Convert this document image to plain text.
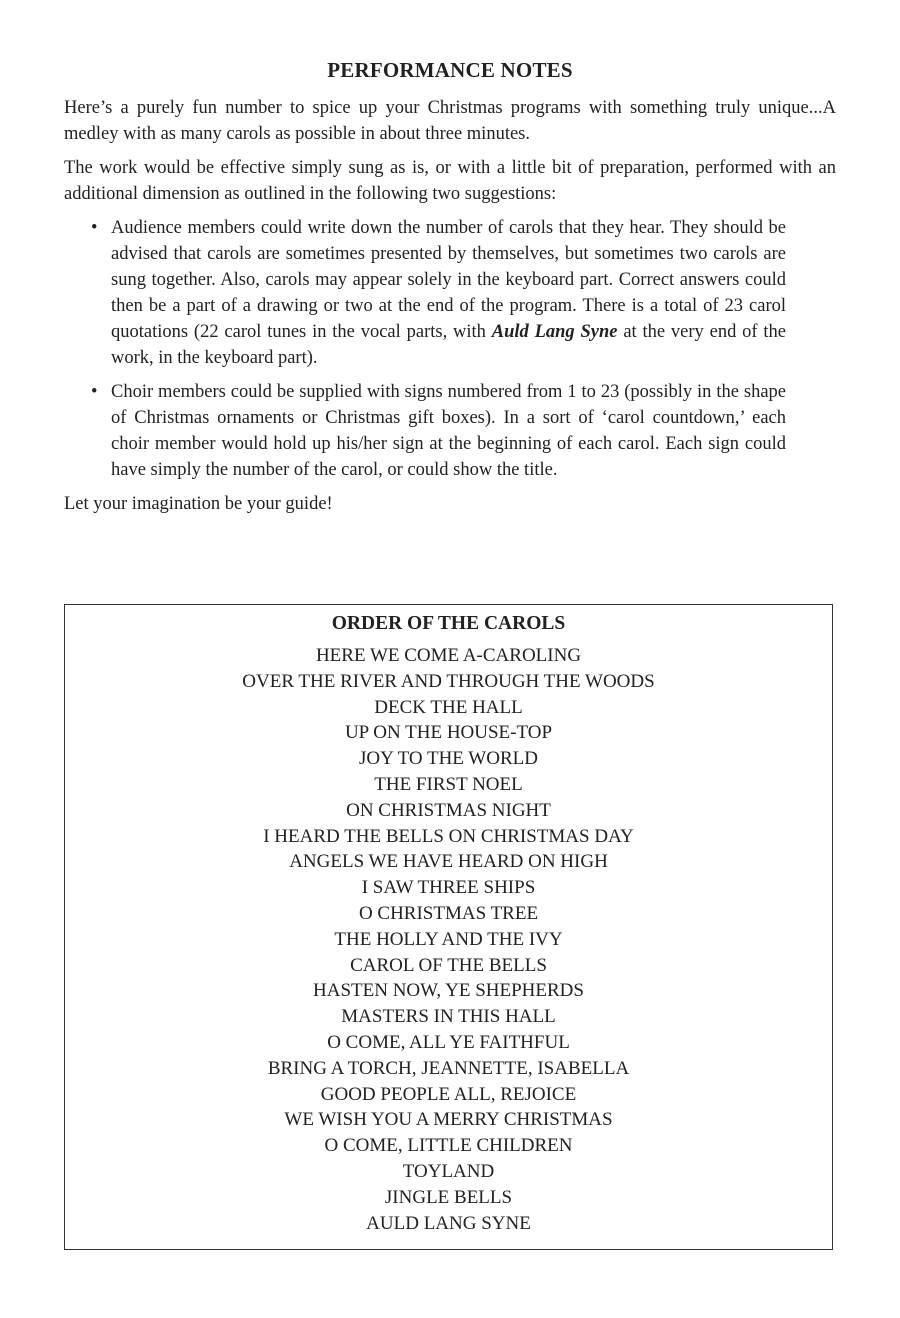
PERFORMANCE NOTES

Here’s a purely fun number to spice up your Christmas programs with something truly unique...A medley with as many carols as possible in about three minutes.

The work would be effective simply sung as is, or with a little bit of preparation, performed with an additional dimension as outlined in the following two suggestions:

• Audience members could write down the number of carols that they hear. They should be advised that carols are sometimes presented by themselves, but sometimes two carols are sung together. Also, carols may appear solely in the keyboard part. Correct answers could then be a part of a drawing or two at the end of the program. There is a total of 23 carol quotations (22 carol tunes in the vocal parts, with Auld Lang Syne at the very end of the work, in the keyboard part).
• Choir members could be supplied with signs numbered from 1 to 23 (possibly in the shape of Christmas ornaments or Christmas gift boxes). In a sort of ‘carol countdown,’ each choir member would hold up his/her sign at the beginning of each carol. Each sign could have simply the number of the carol, or could show the title.

Let your imagination be your guide!

ORDER OF THE CAROLS
HERE WE COME A-CAROLING
OVER THE RIVER AND THROUGH THE WOODS
DECK THE HALL
UP ON THE HOUSE-TOP
JOY TO THE WORLD
THE FIRST NOEL
ON CHRISTMAS NIGHT
I HEARD THE BELLS ON CHRISTMAS DAY
ANGELS WE HAVE HEARD ON HIGH
I SAW THREE SHIPS
O CHRISTMAS TREE
THE HOLLY AND THE IVY
CAROL OF THE BELLS
HASTEN NOW, YE SHEPHERDS
MASTERS IN THIS HALL
O COME, ALL YE FAITHFUL
BRING A TORCH, JEANNETTE, ISABELLA
GOOD PEOPLE ALL, REJOICE
WE WISH YOU A MERRY CHRISTMAS
O COME, LITTLE CHILDREN
TOYLAND
JINGLE BELLS
AULD LANG SYNE
